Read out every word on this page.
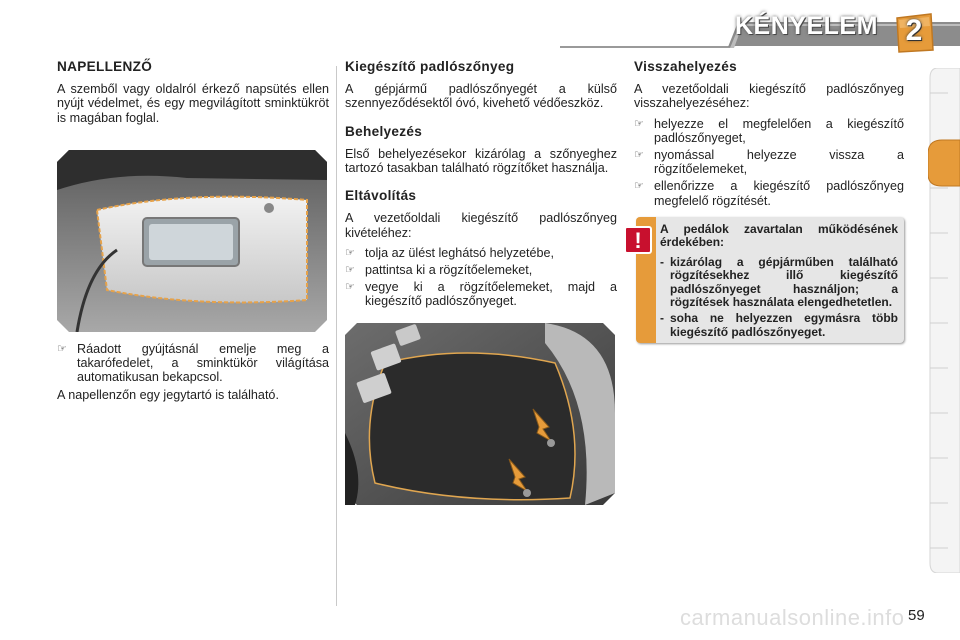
KÉNYELEM 2
NAPELLENZŐ

A szemből vagy oldalról érkező napsütés ellen nyújt védelmet, és egy megvilágított sminktükröt is magában foglal.

☞ Ráadott gyújtásnál emelje meg a takarófedelet, a sminktükör világítása automatikusan bekapcsol.

A napellenzőn egy jegytartó is található.

Kiegészítő padlószőnyeg

A gépjármű padlószőnyegét a külső szennyeződésektől óvó, kivehető védőeszköz.

Behelyezés

Első behelyezésekor kizárólag a szőnyeghez tartozó tasakban található rögzítőket használja.

Eltávolítás

A vezetőoldali kiegészítő padlószőnyeg kivételéhez:

☞ tolja az ülést leghátsó helyzetébe,
☞ pattintsa ki a rögzítőelemeket,
☞ vegye ki a rögzítőelemeket, majd a kiegészítő padlószőnyeget.
Visszahelyezés

A vezetőoldali kiegészítő padlószőnyeg visszahelyezéséhez:

☞ helyezze el megfelelően a kiegészítő padlószőnyeget,
☞ nyomással helyezze vissza a rögzítőelemeket,
☞ ellenőrizze a kiegészítő padlószőnyeg megfelelő rögzítését.
! A pedálok zavartalan működésének érdekében:
- kizárólag a gépjárműben található rögzítésekhez illő kiegészítő padlószőnyeget használjon; a rögzítések használata elengedhetetlen.
- soha ne helyezzen egymásra több kiegészítő padlószőnyeget.
carmanualsonline.info 59
